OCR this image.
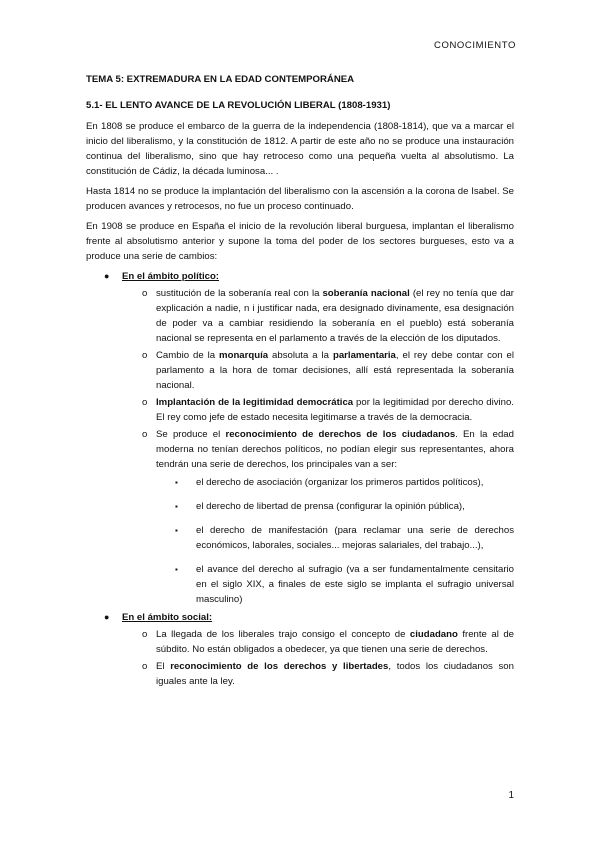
CONOCIMIENTO
TEMA 5: EXTREMADURA EN LA EDAD CONTEMPORÁNEA
5.1- EL LENTO AVANCE DE LA REVOLUCIÓN LIBERAL (1808-1931)

En 1808 se produce el embarco de la guerra de la independencia (1808-1814), que va a marcar el inicio del liberalismo, y la constitución de 1812. A partir de este año no se produce una instauración continua del liberalismo, sino que hay retroceso como una pequeña vuelta al absolutismo. La constitución de Cádiz, la década luminosa... .

Hasta 1814 no se produce la implantación del liberalismo con la ascensión a la corona de Isabel. Se producen avances y retrocesos, no fue un proceso continuado.

En 1908 se produce en España el inicio de la revolución liberal burguesa, implantan el liberalismo frente al absolutismo anterior y supone la toma del poder de los sectores burgueses, esto va a produce una serie de cambios:

● En el ámbito político:
o sustitución de la soberanía real con la soberanía nacional (el rey no tenía que dar explicación a nadie, n i justificar nada, era designado divinamente, esa designación de poder va a cambiar residiendo la soberanía en el pueblo) está soberanía nacional se representa en el parlamento a través de la elección de los diputados.
o Cambio de la monarquía absoluta a la parlamentaria, el rey debe contar con el parlamento a la hora de tomar decisiones, allí está representada la soberanía nacional.
o Implantación de la legitimidad democrática por la legitimidad por derecho divino. El rey como jefe de estado necesita legitimarse a través de la democracia.
o Se produce el reconocimiento de derechos de los ciudadanos. En la edad moderna no tenían derechos políticos, no podían elegir sus representantes, ahora tendrán una serie de derechos, los principales van a ser:
▪ el derecho de asociación (organizar los primeros partidos políticos),
▪ el derecho de libertad de prensa (configurar la opinión pública),
▪ el derecho de manifestación (para reclamar una serie de derechos económicos, laborales, sociales... mejoras salariales, del trabajo...),
▪ el avance del derecho al sufragio (va a ser fundamentalmente censitario en el siglo XIX, a finales de este siglo se implanta el sufragio universal masculino)
● En el ámbito social:
o La llegada de los liberales trajo consigo el concepto de ciudadano frente al de súbdito. No están obligados a obedecer, ya que tienen una serie de derechos.
o El reconocimiento de los derechos y libertades, todos los ciudadanos son iguales ante la ley.
1
